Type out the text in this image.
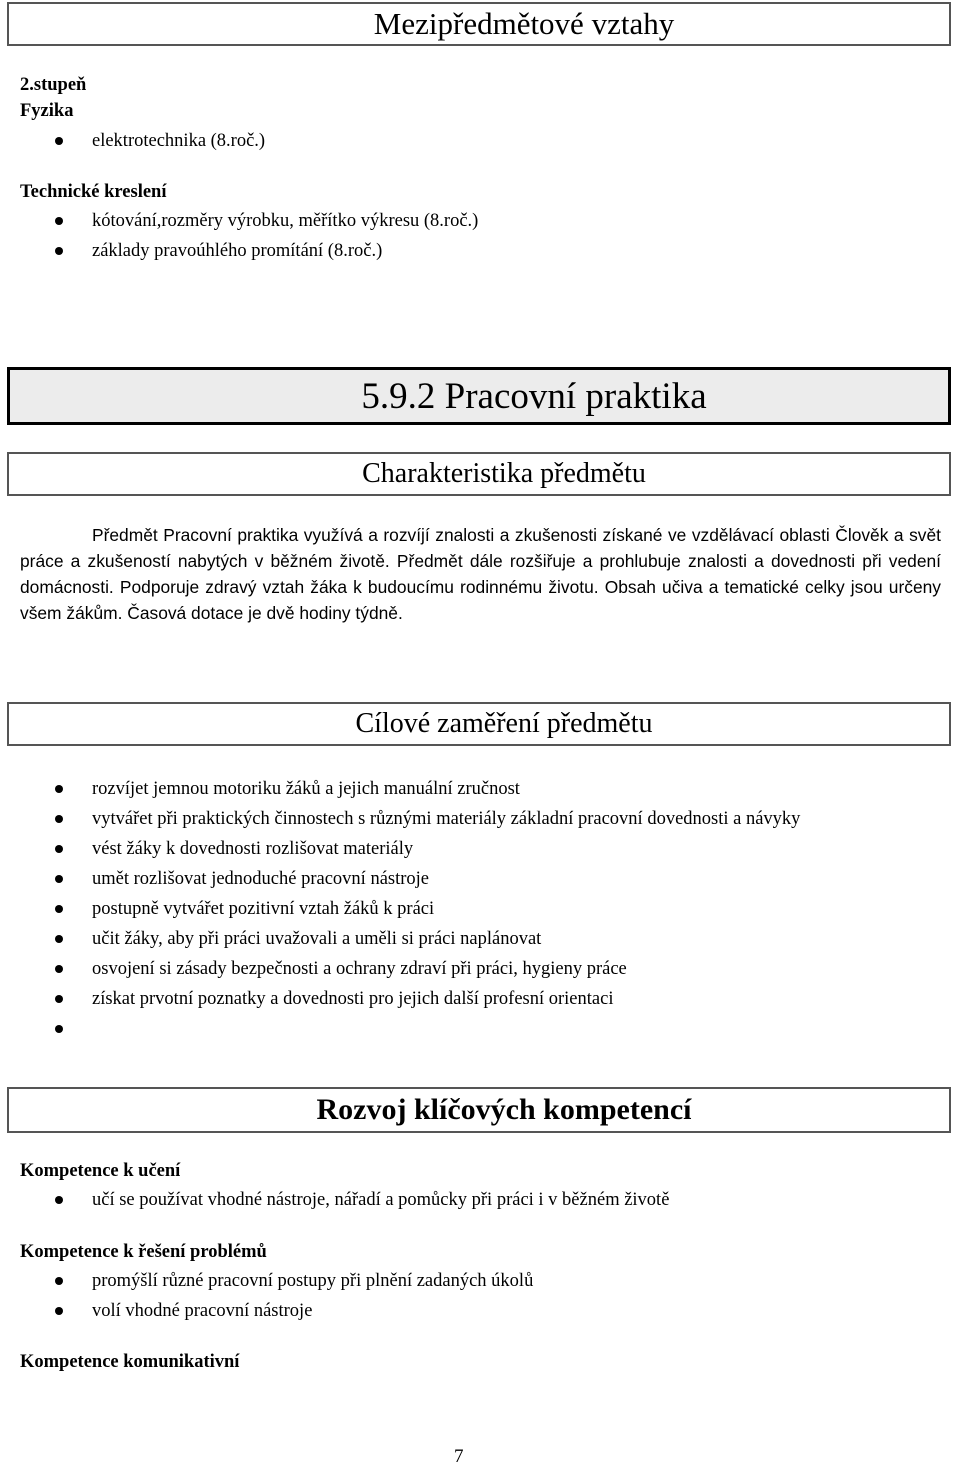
Mezipředmětové vztahy
2.stupeň
Fyzika
elektrotechnika (8.roč.)
Technické kreslení
kótování,rozměry výrobku, měřítko výkresu (8.roč.)
základy pravoúhlého promítání (8.roč.)
5.9.2 Pracovní praktika
Charakteristika předmětu
Předmět Pracovní praktika využívá a rozvíjí znalosti a zkušenosti získané ve vzdělávací oblasti Člověk a svět práce a zkušeností nabytých v běžném životě. Předmět dále rozšiřuje a prohlubuje znalosti a dovednosti při vedení domácnosti. Podporuje zdravý vztah žáka k budoucímu rodinnému životu. Obsah učiva a tematické celky jsou určeny všem žákům. Časová dotace je dvě hodiny týdně.
Cílové zaměření předmětu
rozvíjet jemnou motoriku žáků a jejich manuální zručnost
vytvářet při praktických činnostech s různými materiály základní pracovní dovednosti a návyky
vést žáky k dovednosti rozlišovat materiály
umět rozlišovat jednoduché pracovní nástroje
postupně vytvářet pozitivní vztah žáků k práci
učit žáky, aby při práci uvažovali a uměli si práci naplánovat
osvojení si zásady bezpečnosti a ochrany zdraví při práci, hygieny práce
získat prvotní poznatky a dovednosti pro jejich další profesní orientaci
Rozvoj klíčových kompetencí
Kompetence k učení
učí se používat vhodné nástroje, nářadí a pomůcky při práci i v běžném životě
Kompetence k řešení problémů
promýšlí různé pracovní postupy při plnění zadaných úkolů
volí vhodné pracovní nástroje
Kompetence komunikativní
7
